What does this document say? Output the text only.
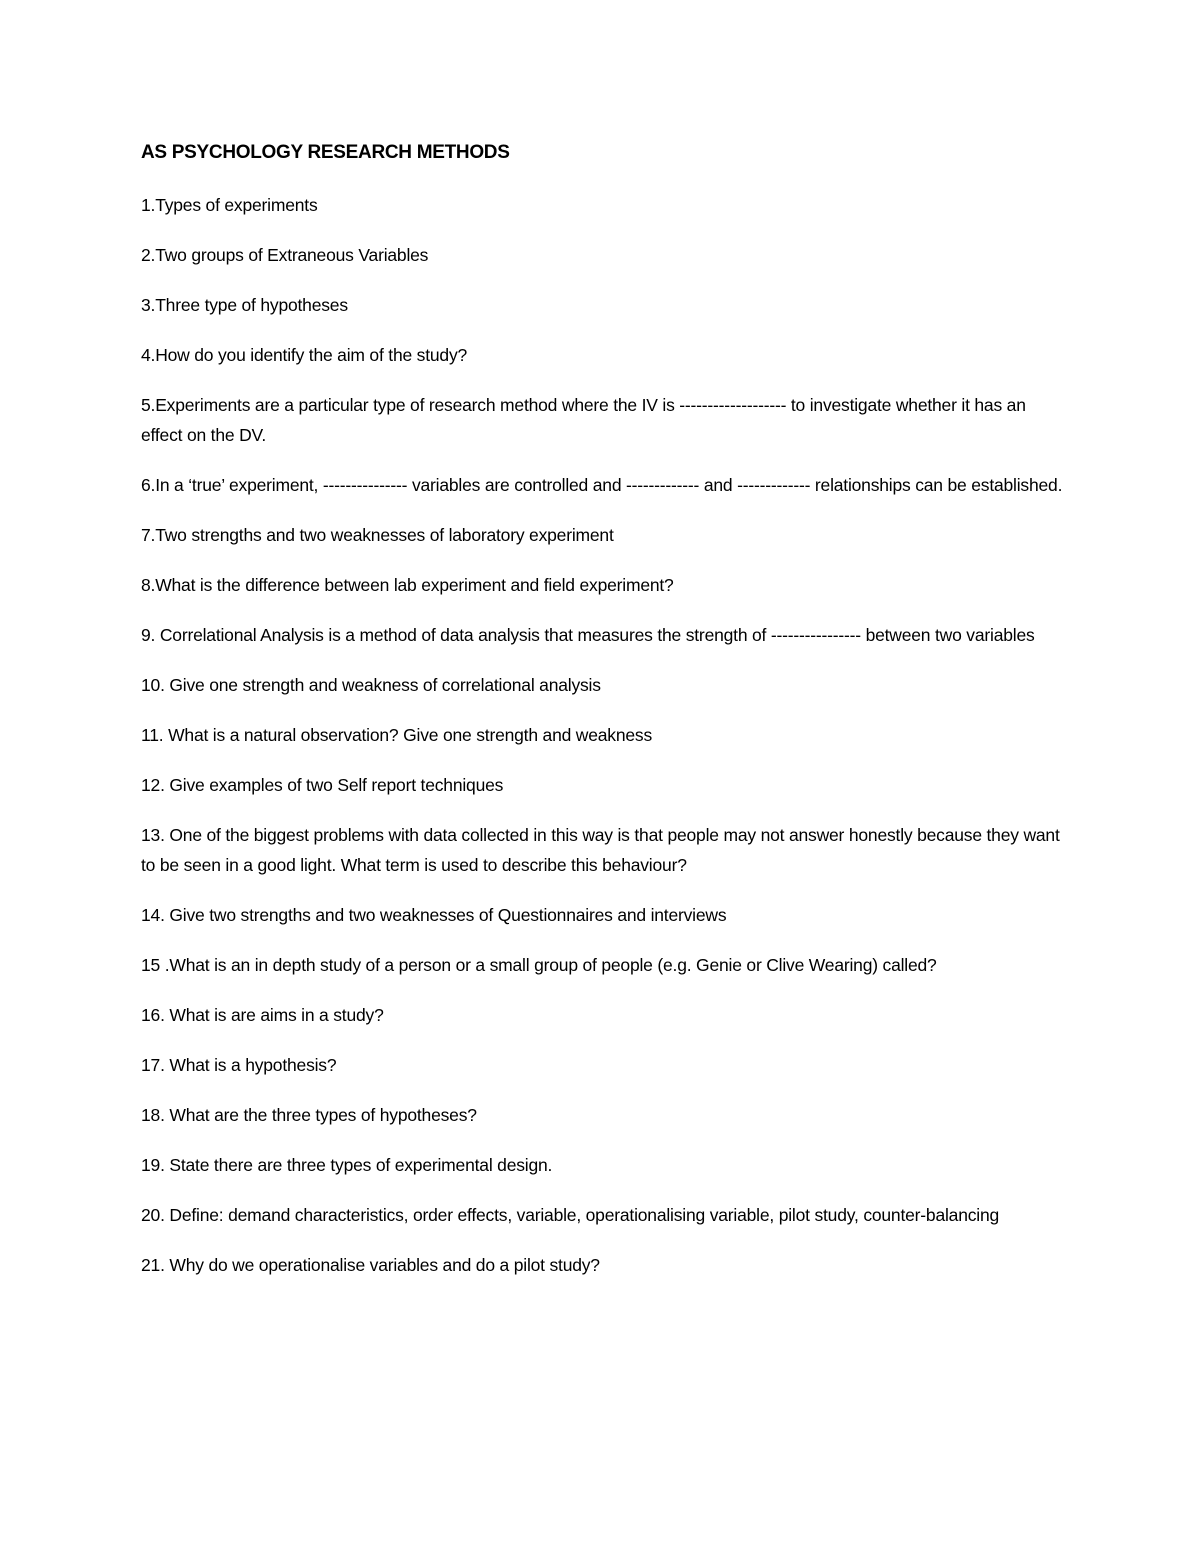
AS PSYCHOLOGY RESEARCH METHODS

1.Types of experiments

2.Two groups of Extraneous Variables

3.Three type of hypotheses

4.How do you identify the aim of the study?

5.Experiments are a particular type of research method where the IV is ------------------- to investigate whether it has an effect on the DV.

6.In a ‘true’ experiment, --------------- variables are controlled and ------------- and ------------- relationships can be established.

7.Two strengths and two weaknesses of laboratory experiment

8.What is the difference between lab experiment and field experiment?

9. Correlational Analysis is a method of data analysis that measures the strength of ---------------- between two variables

10. Give one strength and weakness of correlational analysis

11. What is a natural observation? Give one strength and weakness

12. Give examples of two Self report techniques

13. One of the biggest problems with data collected in this way is that people may not answer honestly because they want to be seen in a good light. What term is used to describe this behaviour?

14. Give two strengths and two weaknesses of Questionnaires and interviews

15 .What is an in depth study of a person or a small group of people (e.g. Genie or Clive Wearing) called?

16. What is are aims in a study?

17. What is a hypothesis?

18. What are the three types of hypotheses?

19. State there are three types of experimental design.

20. Define: demand characteristics, order effects, variable, operationalising variable, pilot study, counter-balancing

21. Why do we operationalise variables and do a pilot study?
